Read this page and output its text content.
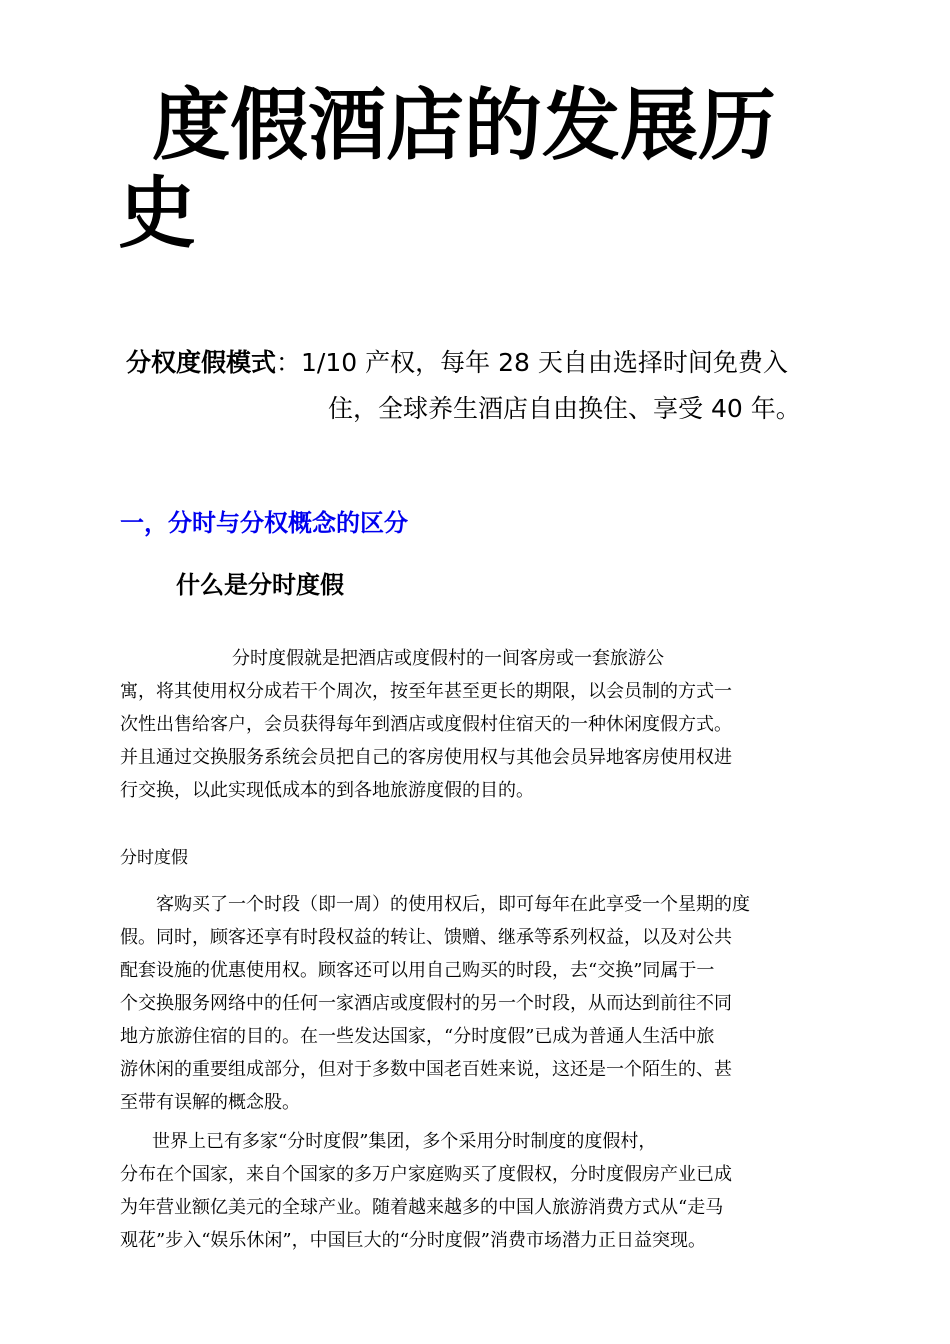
度假酒店的发展历
史
分权度假模式：1/10 产权，每年 28 天自由选择时间免费入
住，全球养生酒店自由换住、享受 40 年。
一，分时与分权概念的区分
什么是分时度假
分时度假就是把酒店或度假村的一间客房或一套旅游公
寓，将其使用权分成若干个周次，按至年甚至更长的期限，以会员制的方式一
次性出售给客户，会员获得每年到酒店或度假村住宿天的一种休闲度假方式。
并且通过交换服务系统会员把自己的客房使用权与其他会员异地客房使用权进
行交换，以此实现低成本的到各地旅游度假的目的。
分时度假
客购买了一个时段（即一周）的使用权后，即可每年在此享受一个星期的度
假。同时，顾客还享有时段权益的转让、馈赠、继承等系列权益，以及对公共
配套设施的优惠使用权。顾客还可以用自己购买的时段，去“交换”同属于一
个交换服务网络中的任何一家酒店或度假村的另一个时段，从而达到前往不同
地方旅游住宿的目的。在一些发达国家，“分时度假”已成为普通人生活中旅
游休闲的重要组成部分，但对于多数中国老百姓来说，这还是一个陌生的、甚
至带有误解的概念股。
世界上已有多家“分时度假”集团，多个采用分时制度的度假村，
分布在个国家，来自个国家的多万户家庭购买了度假权，分时度假房产业已成
为年营业额亿美元的全球产业。随着越来越多的中国人旅游消费方式从“走马
观花”步入“娱乐休闲”，中国巨大的“分时度假”消费市场潜力正日益突现。
